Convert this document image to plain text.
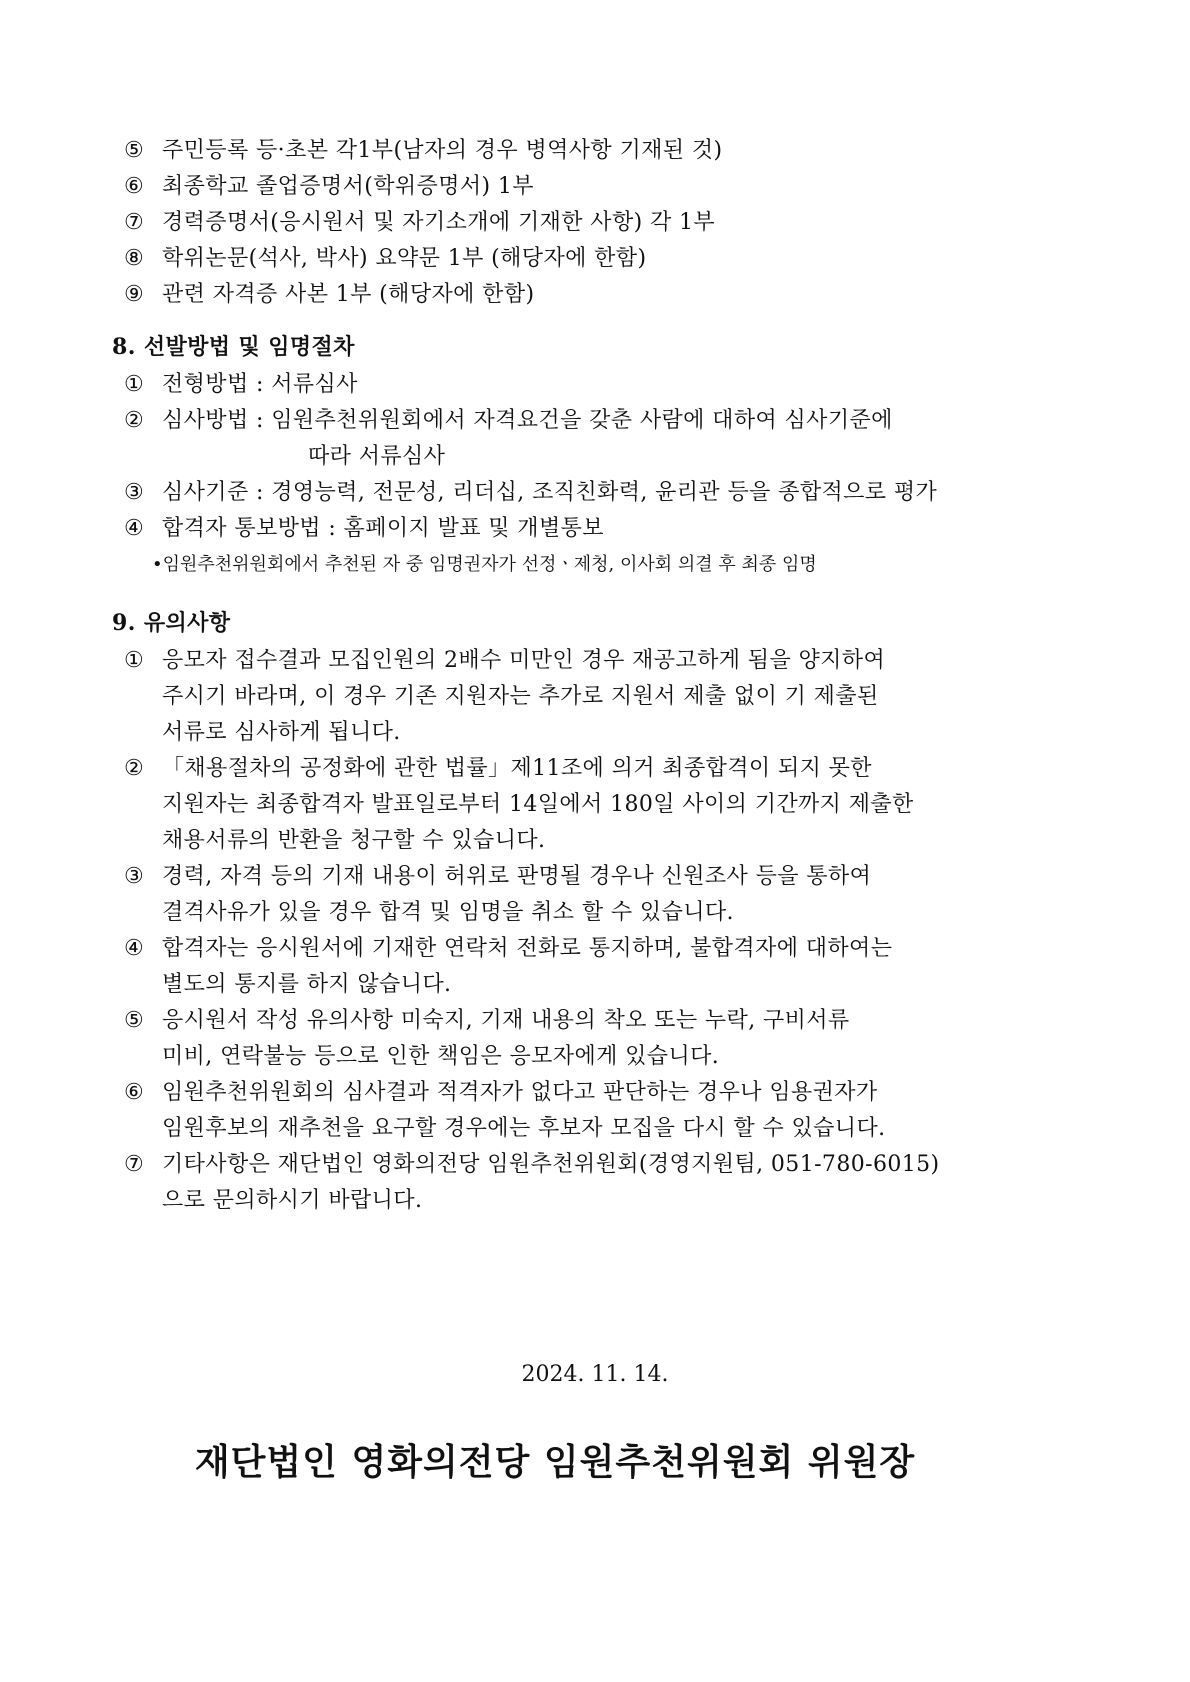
⑤ 주민등록 등·초본 각1부(남자의 경우 병역사항 기재된 것)
⑥ 최종학교 졸업증명서(학위증명서) 1부
⑦ 경력증명서(응시원서 및 자기소개에 기재한 사항) 각 1부
⑧ 학위논문(석사, 박사) 요약문 1부 (해당자에 한함)
⑨ 관련 자격증 사본 1부 (해당자에 한함)
8. 선발방법 및 임명절차
① 전형방법 : 서류심사
② 심사방법 : 임원추천위원회에서 자격요건을 갖춘 사람에 대하여 심사기준에
따라 서류심사
③ 심사기준 : 경영능력, 전문성, 리더십, 조직친화력, 윤리관 등을 종합적으로 평가
④ 합격자 통보방법 : 홈페이지 발표 및 개별통보
•임원추천위원회에서 추천된 자 중 임명권자가 선정ㆍ제청, 이사회 의결 후 최종 임명
9. 유의사항
① 응모자 접수결과 모집인원의 2배수 미만인 경우 재공고하게 됨을 양지하여
주시기 바라며, 이 경우 기존 지원자는 추가로 지원서 제출 없이 기 제출된
서류로 심사하게 됩니다.
② 「채용절차의 공정화에 관한 법률」제11조에 의거 최종합격이 되지 못한
지원자는 최종합격자 발표일로부터 14일에서 180일 사이의 기간까지 제출한
채용서류의 반환을 청구할 수 있습니다.
③ 경력, 자격 등의 기재 내용이 허위로 판명될 경우나 신원조사 등을 통하여
결격사유가 있을 경우 합격 및 임명을 취소 할 수 있습니다.
④ 합격자는 응시원서에 기재한 연락처 전화로 통지하며, 불합격자에 대하여는
별도의 통지를 하지 않습니다.
⑤ 응시원서 작성 유의사항 미숙지, 기재 내용의 착오 또는 누락, 구비서류
미비, 연락불능 등으로 인한 책임은 응모자에게 있습니다.
⑥ 임원추천위원회의 심사결과 적격자가 없다고 판단하는 경우나 임용권자가
임원후보의 재추천을 요구할 경우에는 후보자 모집을 다시 할 수 있습니다.
⑦ 기타사항은 재단법인 영화의전당 임원추천위원회(경영지원팀, 051-780-6015)
으로 문의하시기 바랍니다.
2024. 11. 14.
재단법인 영화의전당 임원추천위원회 위원장
